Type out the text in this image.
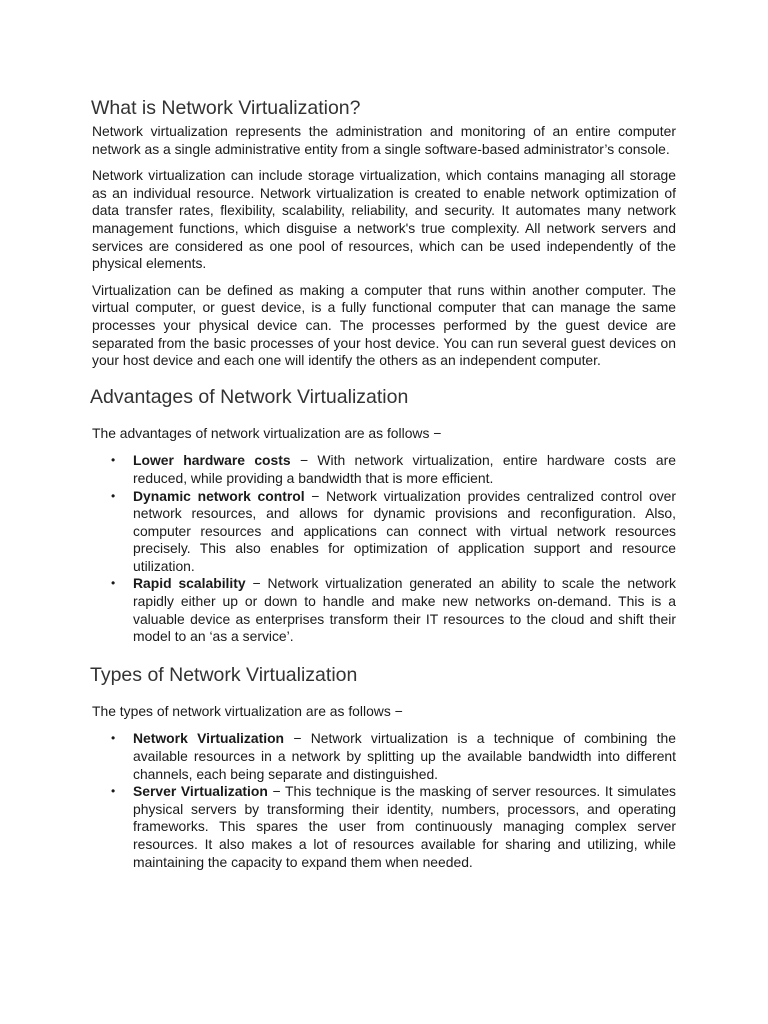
What is Network Virtualization?

Network virtualization represents the administration and monitoring of an entire computer network as a single administrative entity from a single software-based administrator’s console.

Network virtualization can include storage virtualization, which contains managing all storage as an individual resource. Network virtualization is created to enable network optimization of data transfer rates, flexibility, scalability, reliability, and security. It automates many network management functions, which disguise a network's true complexity. All network servers and services are considered as one pool of resources, which can be used independently of the physical elements.

Virtualization can be defined as making a computer that runs within another computer. The virtual computer, or guest device, is a fully functional computer that can manage the same processes your physical device can. The processes performed by the guest device are separated from the basic processes of your host device. You can run several guest devices on your host device and each one will identify the others as an independent computer.

Advantages of Network Virtualization

The advantages of network virtualization are as follows −

• Lower hardware costs − With network virtualization, entire hardware costs are reduced, while providing a bandwidth that is more efficient.
• Dynamic network control − Network virtualization provides centralized control over network resources, and allows for dynamic provisions and reconfiguration. Also, computer resources and applications can connect with virtual network resources precisely. This also enables for optimization of application support and resource utilization.
• Rapid scalability − Network virtualization generated an ability to scale the network rapidly either up or down to handle and make new networks on-demand. This is a valuable device as enterprises transform their IT resources to the cloud and shift their model to an ‘as a service’.
Types of Network Virtualization

The types of network virtualization are as follows −

• Network Virtualization − Network virtualization is a technique of combining the available resources in a network by splitting up the available bandwidth into different channels, each being separate and distinguished.
• Server Virtualization − This technique is the masking of server resources. It simulates physical servers by transforming their identity, numbers, processors, and operating frameworks. This spares the user from continuously managing complex server resources. It also makes a lot of resources available for sharing and utilizing, while maintaining the capacity to expand them when needed.
